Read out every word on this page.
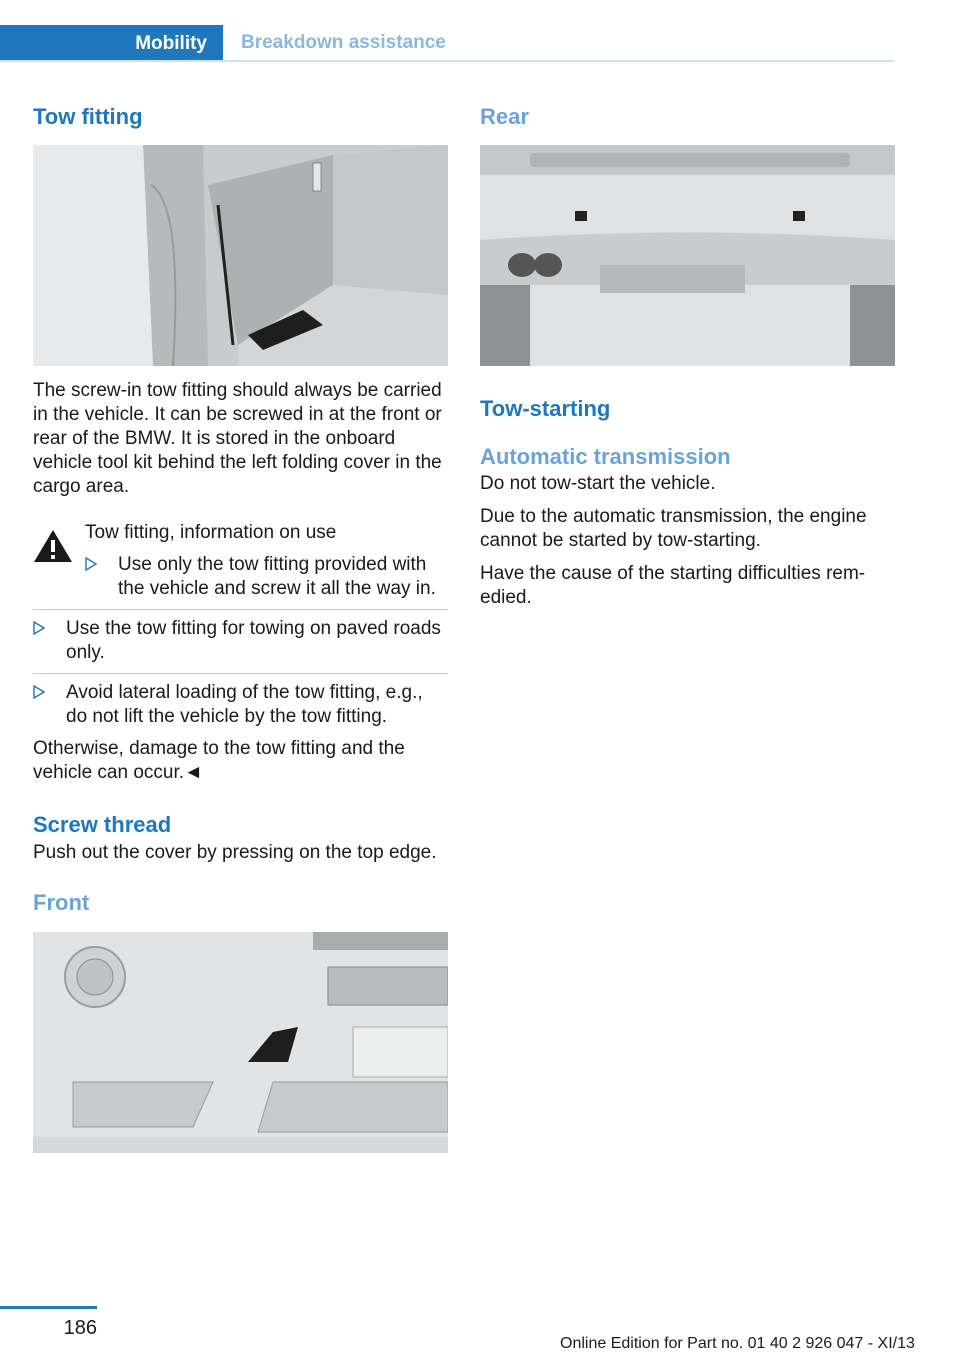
Mobility	Breakdown assistance
Tow fitting

The screw-in tow fitting should always be carried in the vehicle. It can be screwed in at the front or rear of the BMW. It is stored in the onboard vehicle tool kit behind the left folding cover in the cargo area.

Tow fitting, information on use

Use only the tow fitting provided with the vehicle and screw it all the way in.

Use the tow fitting for towing on paved roads only.

Avoid lateral loading of the tow fitting, e.g., do not lift the vehicle by the tow fitting.

Otherwise, damage to the tow fitting and the vehicle can occur.◄

Screw thread

Push out the cover by pressing on the top edge.

Front
Rear
Tow-starting
Automatic transmission

Do not tow-start the vehicle.

Due to the automatic transmission, the engine cannot be started by tow-starting.

Have the cause of the starting difficulties remedied.

186
Online Edition for Part no. 01 40 2 926 047 - XI/13
